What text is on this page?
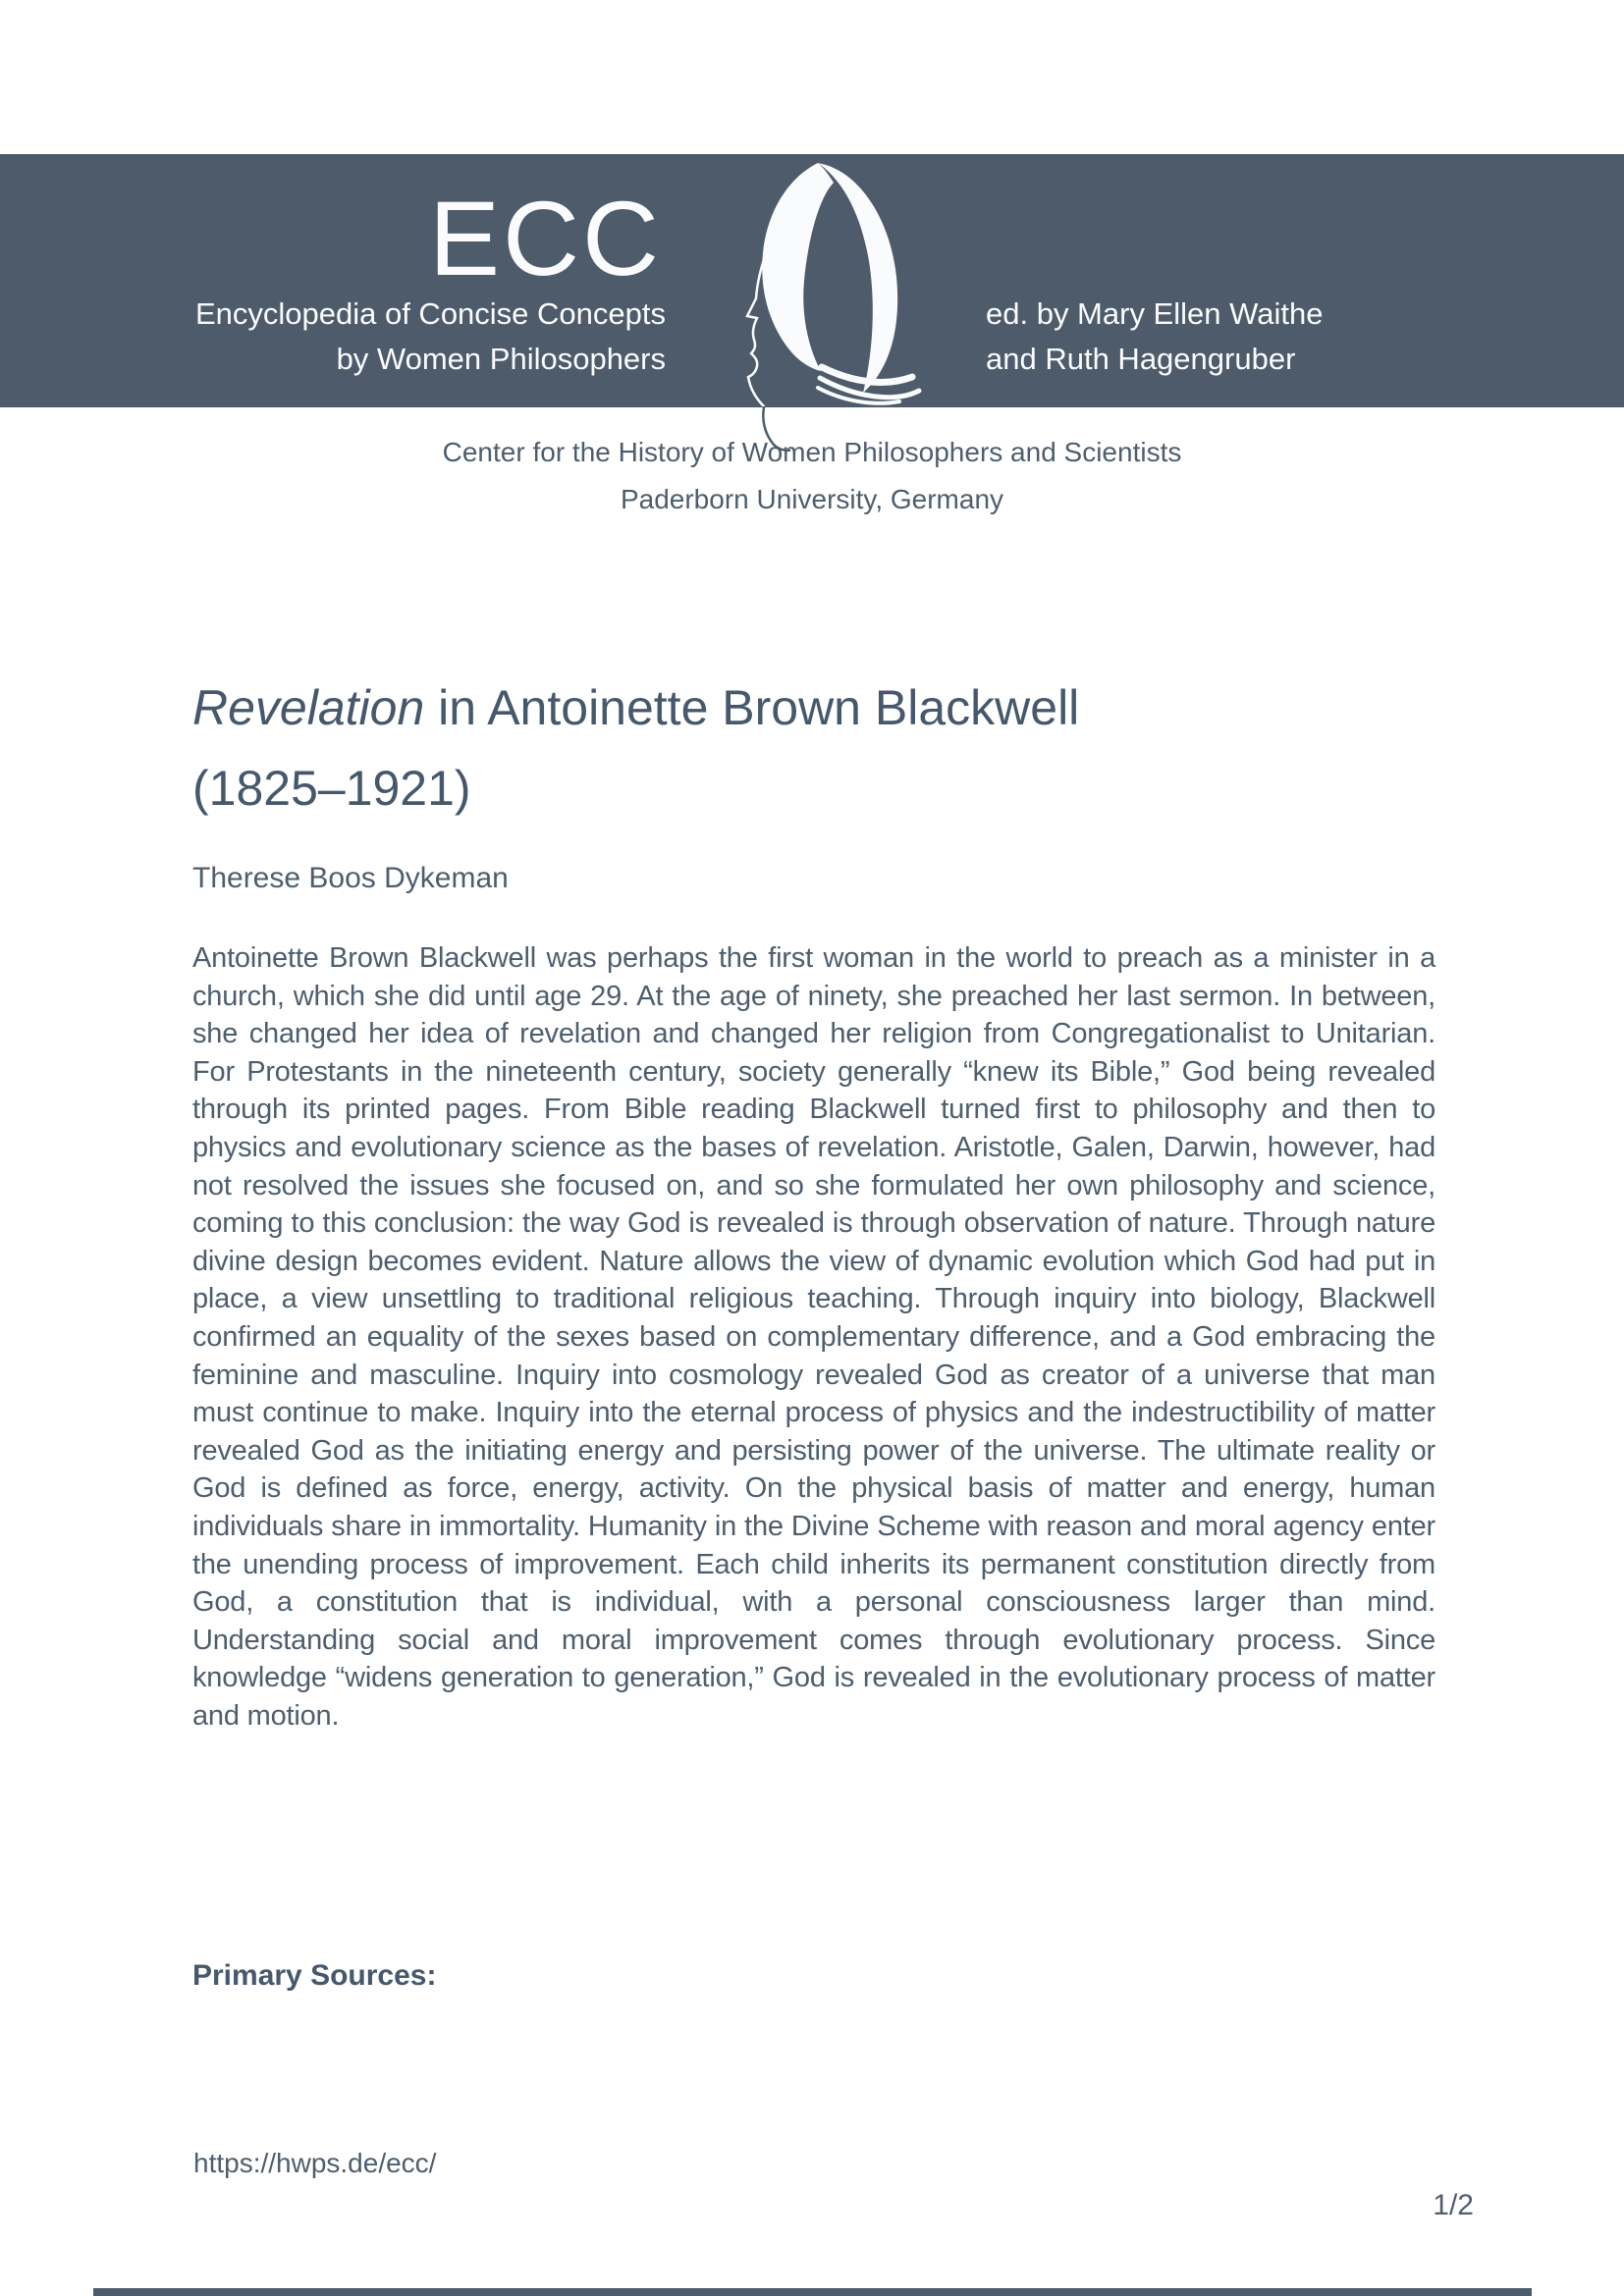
ECC
Encyclopedia of Concise Concepts
by Women Philosophers
ed. by Mary Ellen Waithe
and Ruth Hagengruber
Center for the History of Women Philosophers and Scientists
Paderborn University, Germany
Revelation in Antoinette Brown Blackwell
(1825–1921)
Therese Boos Dykeman

Antoinette Brown Blackwell was perhaps the first woman in the world to preach as a minister in a church, which she did until age 29. At the age of ninety, she preached her last sermon. In between, she changed her idea of revelation and changed her religion from Congregationalist to Unitarian. For Protestants in the nineteenth century, society generally “knew its Bible,” God being revealed through its printed pages. From Bible reading Blackwell turned first to philosophy and then to physics and evolutionary science as the bases of revelation. Aristotle, Galen, Darwin, however, had not resolved the issues she focused on, and so she formulated her own philosophy and science, coming to this conclusion: the way God is revealed is through observation of nature. Through nature divine design becomes evident. Nature allows the view of dynamic evolution which God had put in place, a view unsettling to traditional religious teaching. Through inquiry into biology, Blackwell confirmed an equality of the sexes based on complementary difference, and a God embracing the feminine and masculine. Inquiry into cosmology revealed God as creator of a universe that man must continue to make. Inquiry into the eternal process of physics and the indestructibility of matter revealed God as the initiating energy and persisting power of the universe. The ultimate reality or God is defined as force, energy, activity. On the physical basis of matter and energy, human individuals share in immortality. Humanity in the Divine Scheme with reason and moral agency enter the unending process of improvement. Each child inherits its permanent constitution directly from God, a constitution that is individual, with a personal consciousness larger than mind. Understanding social and moral improvement comes through evolutionary process. Since knowledge “widens generation to generation,” God is revealed in the evolutionary process of matter and motion.

Primary Sources:
https://hwps.de/ecc/
1/2
